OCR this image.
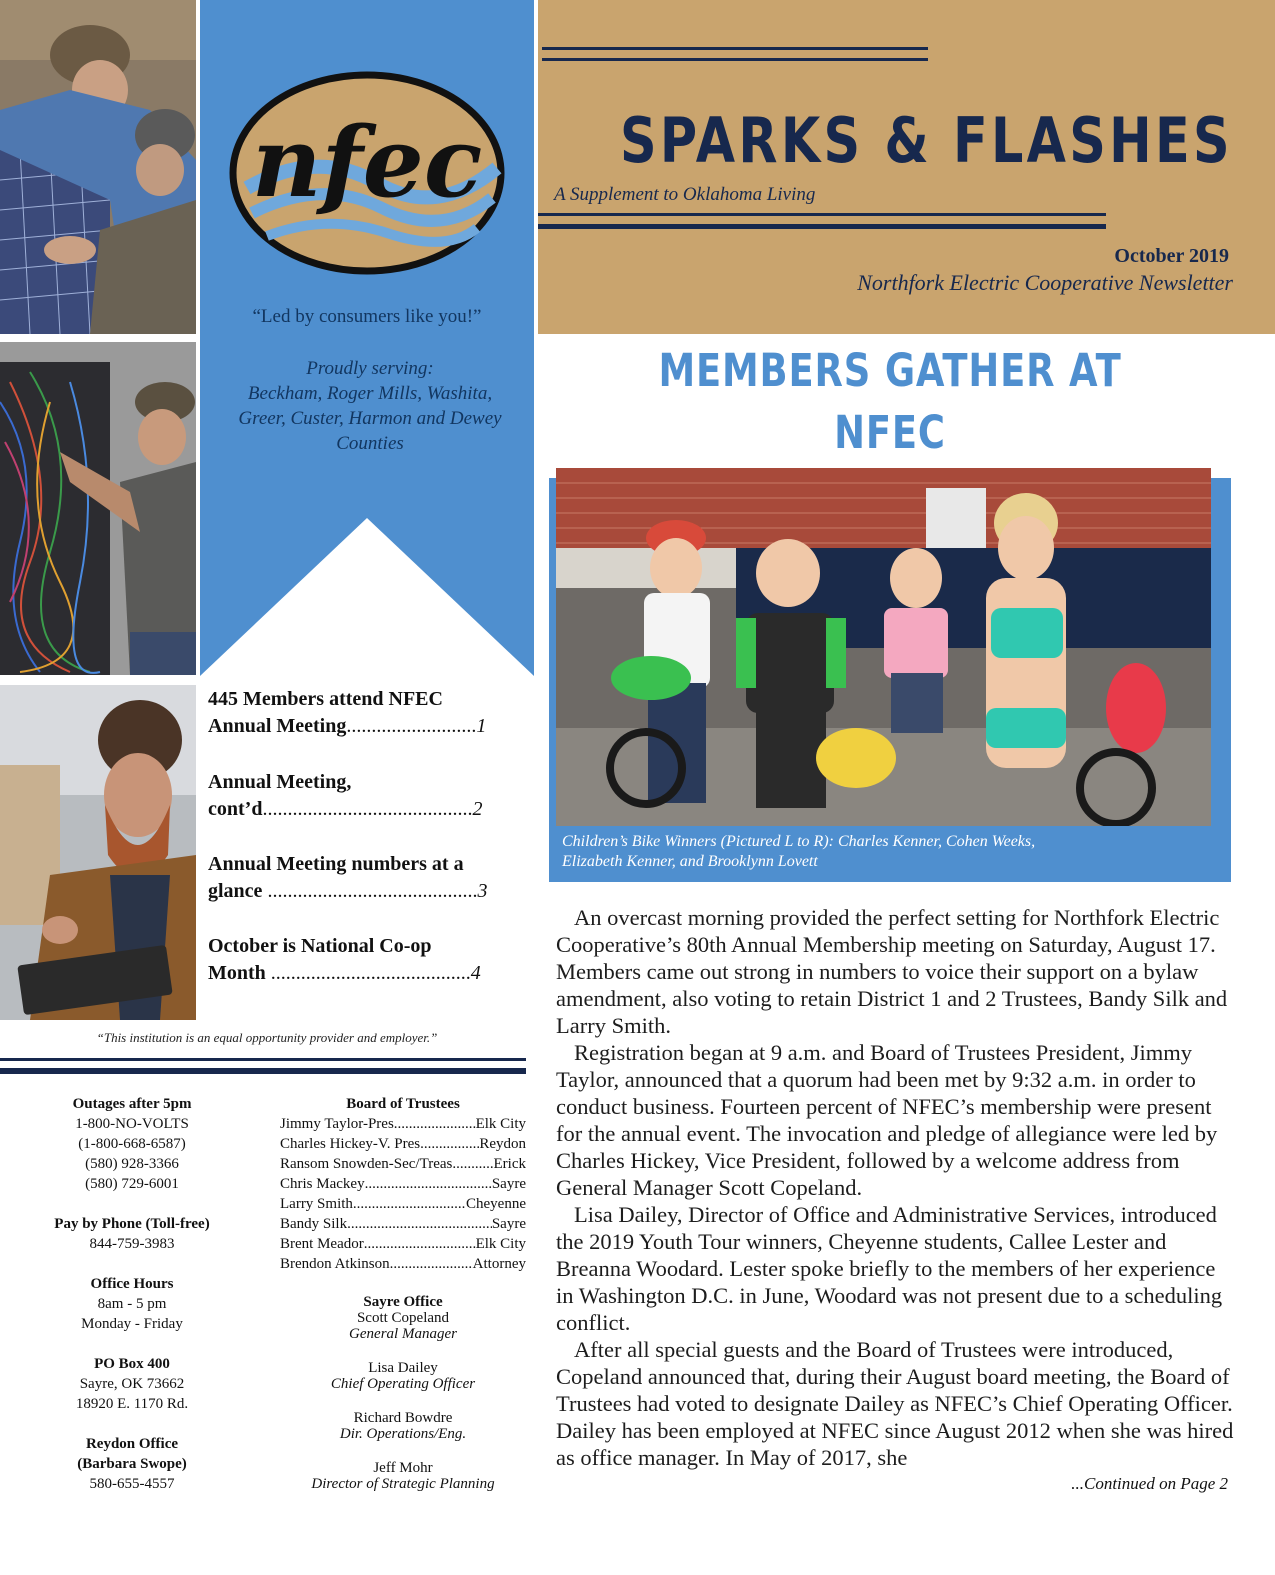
nfec
“Led by consumers like you!”
Proudly serving:
Beckham, Roger Mills, Washita,
Greer, Custer, Harmon and Dewey
Counties
SPARKS & FLASHES
A Supplement to Oklahoma Living
October 2019
Northfork Electric Cooperative Newsletter
MEMBERS GATHER AT NFEC
Children’s Bike Winners (Pictured L to R): Charles Kenner, Cohen Weeks,
Elizabeth Kenner, and Brooklynn Lovett
445 Members attend NFEC
Annual Meeting..........................1
Annual Meeting,
cont’d..........................................2
Annual Meeting numbers at a
glance ..........................................3
October is National Co-op
Month ........................................4
“This institution is an equal opportunity provider and employer.”
Outages after 5pm
1-800-NO-VOLTS
(1-800-668-6587)
(580) 928-3366
(580) 729-6001
Pay by Phone (Toll-free)
844-759-3983
Office Hours
8am - 5 pm
Monday - Friday
PO Box 400
Sayre, OK 73662
18920 E. 1170 Rd.
Reydon Office
(Barbara Swope)
580-655-4557
Board of Trustees
Jimmy Taylor-Pres .....	Elk City
Charles Hickey-V. Pres .....	Reydon
Ransom Snowden-Sec/Treas .....	Erick
Chris Mackey .....	Sayre
Larry Smith .....	Cheyenne
Bandy Silk .....	Sayre
Brent Meador .....	Elk City
Brendon Atkinson .....	Attorney
Sayre Office
Scott Copeland
General Manager
Lisa Dailey
Chief Operating Officer
Richard Bowdre
Dir. Operations/Eng.
Jeff Mohr
Director of Strategic Planning

An overcast morning provided the perfect setting for Northfork Electric Cooperative’s 80th Annual Membership meeting on Saturday, August 17. Members came out strong in numbers to voice their support on a bylaw amendment, also voting to retain District 1 and 2 Trustees, Bandy Silk and Larry Smith.

Registration began at 9 a.m. and Board of Trustees President, Jimmy Taylor, announced that a quorum had been met by 9:32 a.m. in order to conduct business. Fourteen percent of NFEC’s membership were present for the annual event. The invocation and pledge of allegiance were led by Charles Hickey, Vice President, followed by a welcome address from General Manager Scott Copeland.

Lisa Dailey, Director of Office and Administrative Services, introduced the 2019 Youth Tour winners, Cheyenne students, Callee Lester and Breanna Woodard. Lester spoke briefly to the members of her experience in Washington D.C. in June, Woodard was not present due to a scheduling conflict.

After all special guests and the Board of Trustees were introduced, Copeland announced that, during their August board meeting, the Board of Trustees had voted to designate Dailey as NFEC’s Chief Operating Officer. Dailey has been employed at NFEC since August 2012 when she was hired as office manager. In May of 2017, she

...Continued on Page 2
